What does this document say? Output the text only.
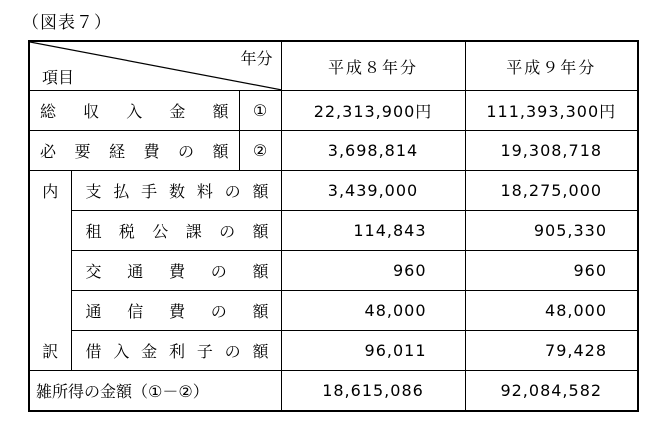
（図表７）
年分
項目			平成８年分	平成９年分
総収入金額		①	22,313,900円	111,393,300円
必要経費の額		②	3,698,814	19,308,718

内
訳	支払手数料の額		3,439,000	18,275,000
	租税公課の額		114,843	905,330
	交通費の額		960	960
	通信費の額		48,000	48,000
	借入金利子の額		96,011	79,428
雑所得の金額（①－②）			18,615,086	92,084,582
